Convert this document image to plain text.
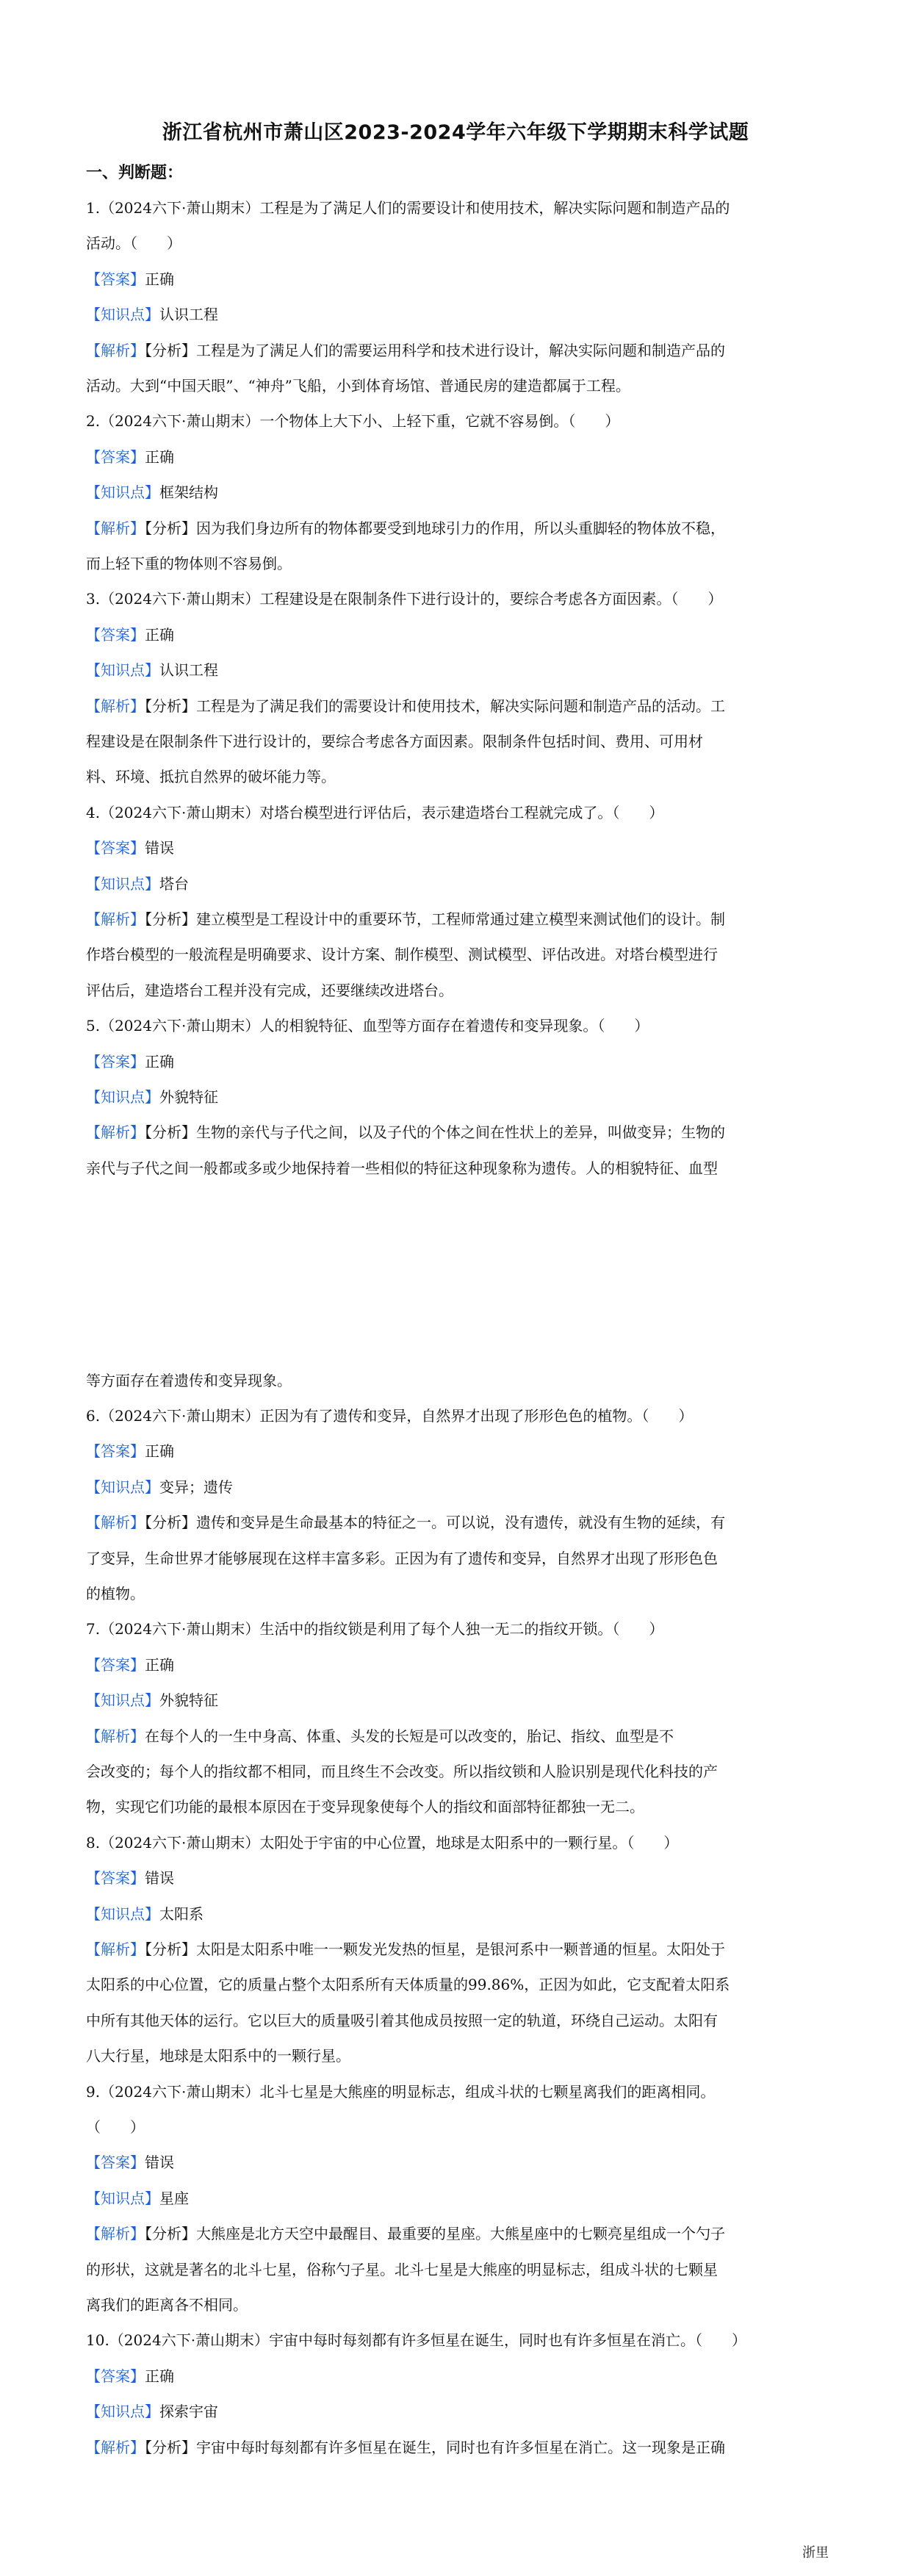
浙江省杭州市萧山区2023-2024学年六年级下学期期末科学试题
一、判断题：
1.（2024六下·萧山期末）工程是为了满足人们的需要设计和使用技术，解决实际问题和制造产品的
活动。（　　）
【答案】正确
【知识点】认识工程
【解析】【分析】工程是为了满足人们的需要运用科学和技术进行设计，解决实际问题和制造产品的
活动。大到“中国天眼”、“神舟”飞船，小到体育场馆、普通民房的建造都属于工程。
2.（2024六下·萧山期末）一个物体上大下小、上轻下重，它就不容易倒。（　　）
【答案】正确
【知识点】框架结构
【解析】【分析】因为我们身边所有的物体都要受到地球引力的作用，所以头重脚轻的物体放不稳，
而上轻下重的物体则不容易倒。
3.（2024六下·萧山期末）工程建设是在限制条件下进行设计的，要综合考虑各方面因素。（　　）
【答案】正确
【知识点】认识工程
【解析】【分析】工程是为了满足我们的需要设计和使用技术，解决实际问题和制造产品的活动。工
程建设是在限制条件下进行设计的，要综合考虑各方面因素。限制条件包括时间、费用、可用材
料、环境、抵抗自然界的破坏能力等。
4.（2024六下·萧山期末）对塔台模型进行评估后，表示建造塔台工程就完成了。（　　）
【答案】错误
【知识点】塔台
【解析】【分析】建立模型是工程设计中的重要环节，工程师常通过建立模型来测试他们的设计。制
作塔台模型的一般流程是明确要求、设计方案、制作模型、测试模型、评估改进。对塔台模型进行
评估后，建造塔台工程并没有完成，还要继续改进塔台。
5.（2024六下·萧山期末）人的相貌特征、血型等方面存在着遗传和变异现象。（　　）
【答案】正确
【知识点】外貌特征
【解析】【分析】生物的亲代与子代之间，以及子代的个体之间在性状上的差异，叫做变异；生物的
亲代与子代之间一般都或多或少地保持着一些相似的特征这种现象称为遗传。人的相貌特征、血型
等方面存在着遗传和变异现象。
6.（2024六下·萧山期末）正因为有了遗传和变异，自然界才出现了形形色色的植物。（　　）
【答案】正确
【知识点】变异；遗传
【解析】【分析】遗传和变异是生命最基本的特征之一。可以说，没有遗传，就没有生物的延续，有
了变异，生命世界才能够展现在这样丰富多彩。正因为有了遗传和变异，自然界才出现了形形色色
的植物。
7.（2024六下·萧山期末）生活中的指纹锁是利用了每个人独一无二的指纹开锁。（　　）
【答案】正确
【知识点】外貌特征
【解析】在每个人的一生中身高、体重、头发的长短是可以改变的，胎记、指纹、血型是不
会改变的；每个人的指纹都不相同，而且终生不会改变。所以指纹锁和人脸识别是现代化科技的产
物，实现它们功能的最根本原因在于变异现象使每个人的指纹和面部特征都独一无二。
8.（2024六下·萧山期末）太阳处于宇宙的中心位置，地球是太阳系中的一颗行星。（　　）
【答案】错误
【知识点】太阳系
【解析】【分析】太阳是太阳系中唯一一颗发光发热的恒星，是银河系中一颗普通的恒星。太阳处于
太阳系的中心位置，它的质量占整个太阳系所有天体质量的99.86%，正因为如此，它支配着太阳系
中所有其他天体的运行。它以巨大的质量吸引着其他成员按照一定的轨道，环绕自己运动。太阳有
八大行星，地球是太阳系中的一颗行星。
9.（2024六下·萧山期末）北斗七星是大熊座的明显标志，组成斗状的七颗星离我们的距离相同。
（　　）
【答案】错误
【知识点】星座
【解析】【分析】大熊座是北方天空中最醒目、最重要的星座。大熊星座中的七颗亮星组成一个勺子
的形状，这就是著名的北斗七星，俗称勺子星。北斗七星是大熊座的明显标志，组成斗状的七颗星
离我们的距离各不相同。
10.（2024六下·萧山期末）宇宙中每时每刻都有许多恒星在诞生，同时也有许多恒星在消亡。（　　）
【答案】正确
【知识点】探索宇宙
【解析】【分析】宇宙中每时每刻都有许多恒星在诞生，同时也有许多恒星在消亡。这一现象是正确
浙里
